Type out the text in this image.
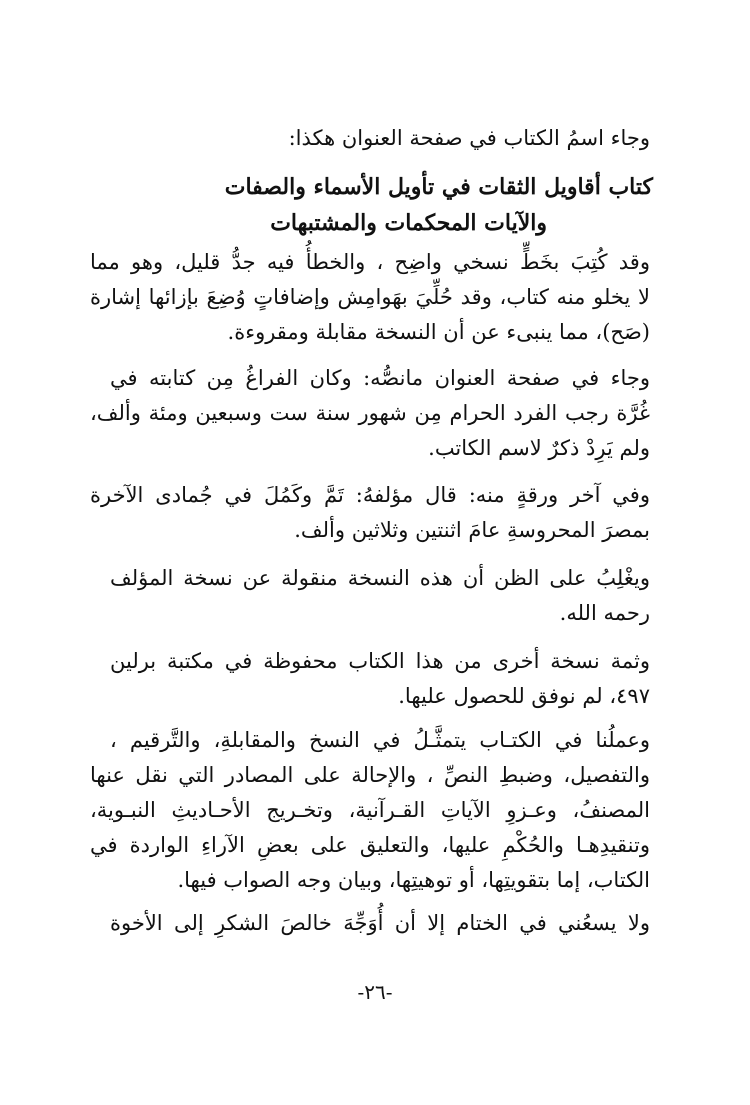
وجاء اسمُ الكتاب في صفحة العنوان هكذا:
كتاب أقاويل الثقات في تأويل الأسماء والصفات
والآيات المحكمات والمشتبهات
وقد كُتِبَ بخَطٍّ نسخي واضِح ، والخطأُ فيه جدُّ قليل، وهو مما
لا يخلو منه كتاب، وقد حُلِّيَ بهَوامِش وإضافاتٍ وُضِعَ بإزائها إشارة
(صَح)، مما ينبىء عن أن النسخة مقابلة ومقروءة.
وجاء في صفحة العنوان مانصُّه: وكان الفراغُ مِن كتابته في
غُرَّة رجب الفرد الحرام مِن شهور سنة ست وسبعين ومئة وألف،
ولم يَرِدْ ذكرٌ لاسم الكاتب.
وفي آخر ورقةٍ منه: قال مؤلفهُ: تَمَّ وكَمُلَ في جُمادى الآخرة
بمصرَ المحروسةِ عامَ اثنتين وثلاثين وألف.
ويغْلِبُ على الظن أن هذه النسخة منقولة عن نسخة المؤلف
رحمه الله.
وثمة نسخة أخرى من هذا الكتاب محفوظة في مكتبة برلين
٤٩٧، لم نوفق للحصول عليها.
وعملُنا في الكتـاب يتمثَّـلُ في النسخ والمقابلةِ، والتَّرقيم ،
والتفصيل، وضبطِ النصِّ ، والإحالة على المصادر التي نقل عنها
المصنفُ، وعـزوِ الآياتِ القـرآنية، وتخـريج الأحـاديثِ النبـوية،
وتنقيدِهـا والحُكْمِ عليها، والتعليق على بعضِ الآراءِ الواردة في
الكتاب، إما بتقويتِها، أو توهيتِها، وبيان وجه الصواب فيها.
ولا يسعُني في الختام إلا أن أُوَجِّهَ خالصَ الشكرِ إلى الأخوة
-٢٦-
